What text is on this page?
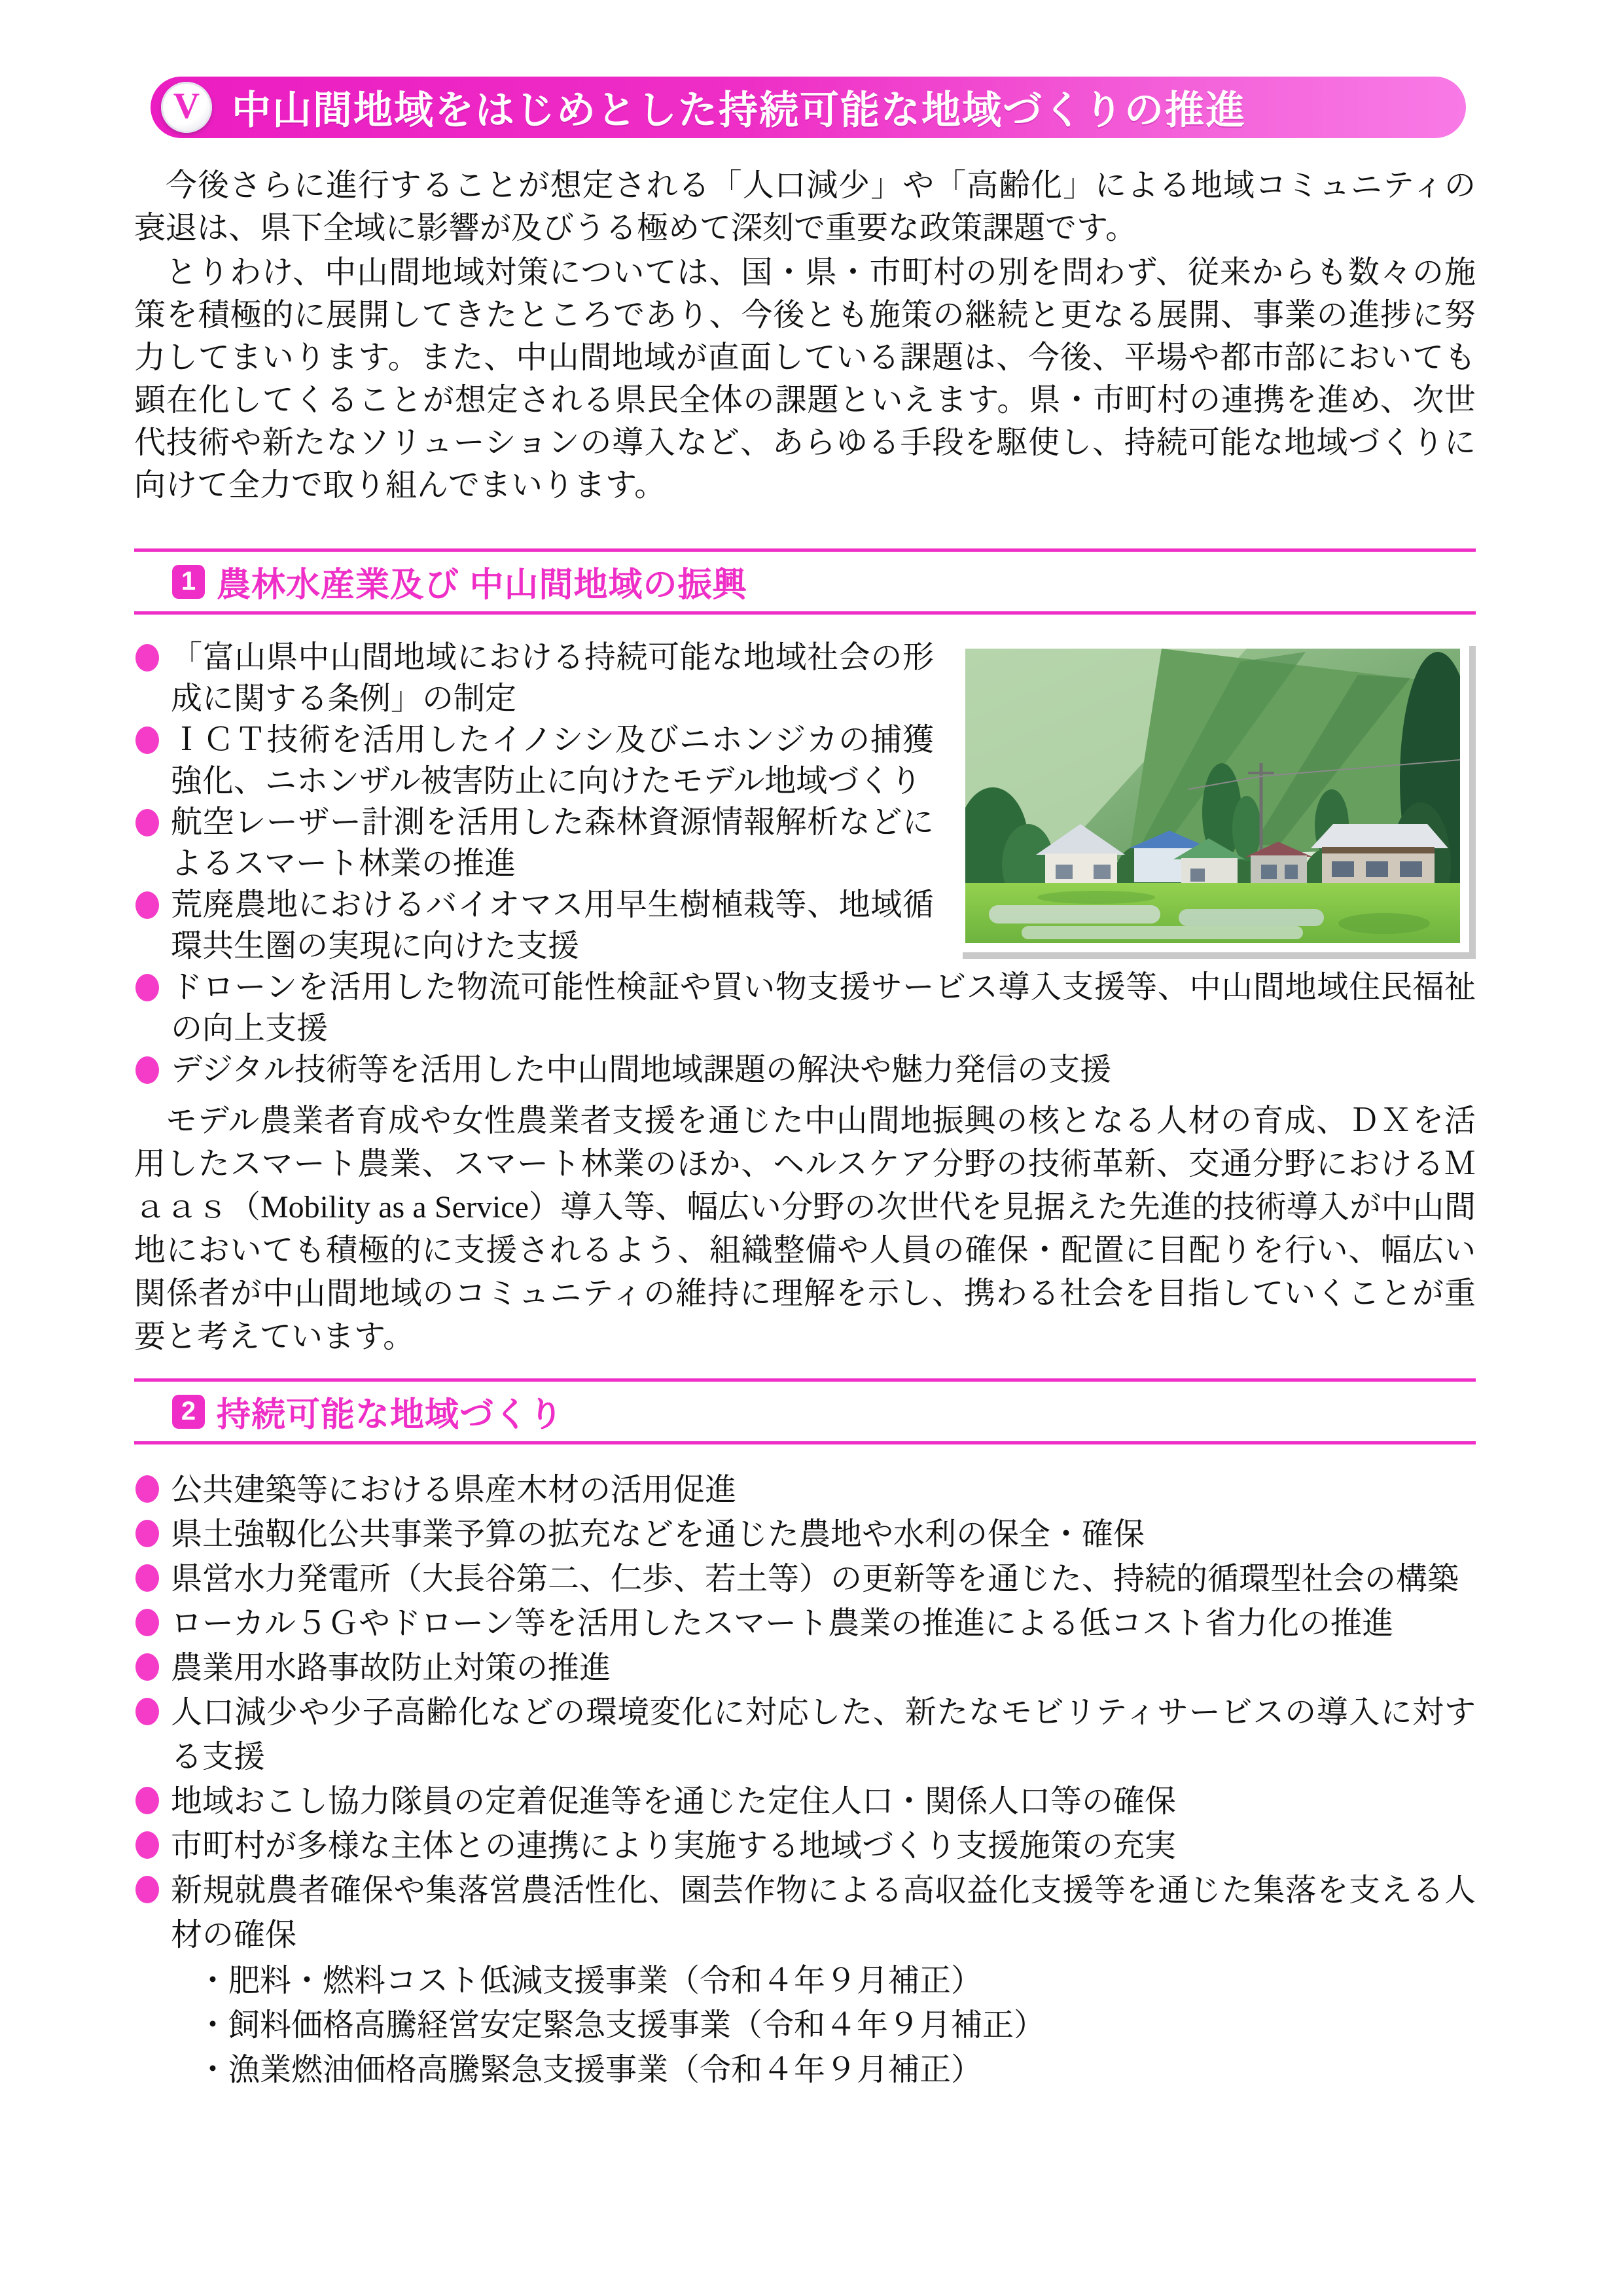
V 中山間地域をはじめとした持続可能な地域づくりの推進

今後さらに進行することが想定される「人口減少」や「高齢化」による地域コミュニティの衰退は、県下全域に影響が及びうる極めて深刻で重要な政策課題です。

とりわけ、中山間地域対策については、国・県・市町村の別を問わず、従来からも数々の施策を積極的に展開してきたところであり、今後とも施策の継続と更なる展開、事業の進捗に努力してまいります。また、中山間地域が直面している課題は、今後、平場や都市部においても顕在化してくることが想定される県民全体の課題といえます。県・市町村の連携を進め、次世代技術や新たなソリューションの導入など、あらゆる手段を駆使し、持続可能な地域づくりに向けて全力で取り組んでまいります。

1 農林水産業及び 中山間地域の振興
「富山県中山間地域における持続可能な地域社会の形成に関する条例」の制定
ＩＣＴ技術を活用したイノシシ及びニホンジカの捕獲強化、ニホンザル被害防止に向けたモデル地域づくり
航空レーザー計測を活用した森林資源情報解析などによるスマート林業の推進
荒廃農地におけるバイオマス用早生樹植栽等、地域循環共生圏の実現に向けた支援
ドローンを活用した物流可能性検証や買い物支援サービス導入支援等、中山間地域住民福祉の向上支援
デジタル技術等を活用した中山間地域課題の解決や魅力発信の支援

モデル農業者育成や女性農業者支援を通じた中山間地振興の核となる人材の育成、ＤＸを活用したスマート農業、スマート林業のほか、ヘルスケア分野の技術革新、交通分野におけるＭａａｓ（Mobility as a Service）導入等、幅広い分野の次世代を見据えた先進的技術導入が中山間地においても積極的に支援されるよう、組織整備や人員の確保・配置に目配りを行い、幅広い関係者が中山間地域のコミュニティの維持に理解を示し、携わる社会を目指していくことが重要と考えています。

2 持続可能な地域づくり
公共建築等における県産木材の活用促進
県土強靱化公共事業予算の拡充などを通じた農地や水利の保全・確保
県営水力発電所（大長谷第二、仁歩、若土等）の更新等を通じた、持続的循環型社会の構築
ローカル５Ｇやドローン等を活用したスマート農業の推進による低コスト省力化の推進
農業用水路事故防止対策の推進
人口減少や少子高齢化などの環境変化に対応した、新たなモビリティサービスの導入に対する支援
地域おこし協力隊員の定着促進等を通じた定住人口・関係人口等の確保
市町村が多様な主体との連携により実施する地域づくり支援施策の充実
新規就農者確保や集落営農活性化、園芸作物による高収益化支援等を通じた集落を支える人材の確保
・肥料・燃料コスト低減支援事業（令和４年９月補正）
・飼料価格高騰経営安定緊急支援事業（令和４年９月補正）
・漁業燃油価格高騰緊急支援事業（令和４年９月補正）
